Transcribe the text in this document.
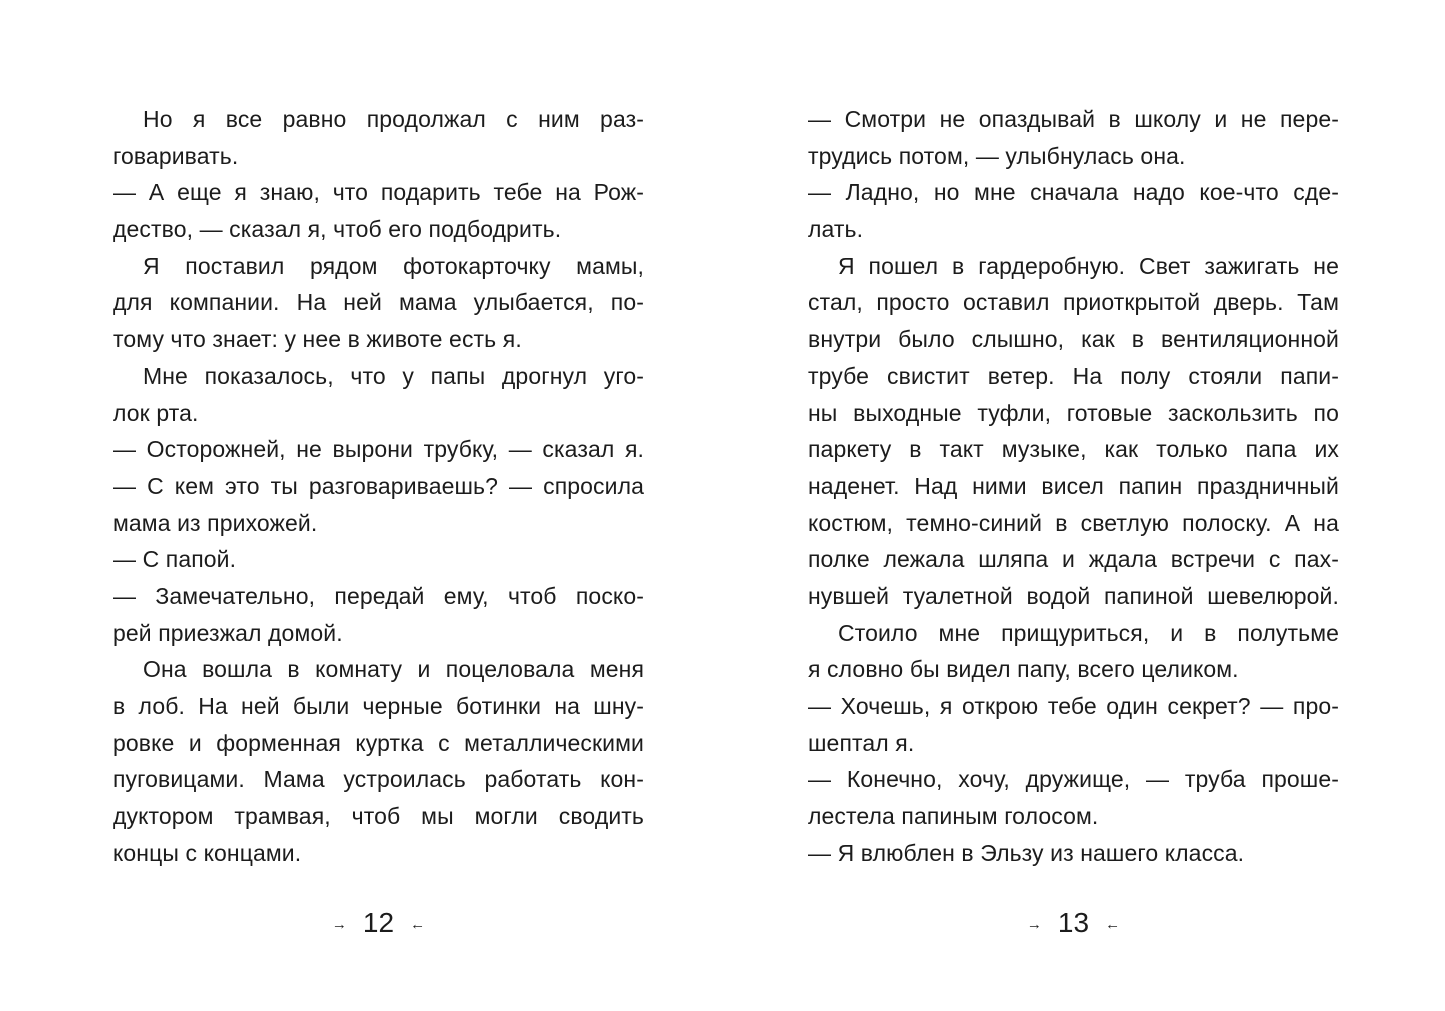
Но я все равно продолжал с ним раз-
говаривать.
— А еще я знаю, что подарить тебе на Рож-
дество, — сказал я, чтоб его подбодрить.
Я поставил рядом фотокарточку мамы,
для компании. На ней мама улыбается, по-
тому что знает: у нее в животе есть я.
Мне показалось, что у папы дрогнул уго-
лок рта.
— Осторожней, не вырони трубку, — сказал я.
— С кем это ты разговариваешь? — спросила
мама из прихожей.
— С папой.
— Замечательно, передай ему, чтоб поско-
рей приезжал домой.
Она вошла в комнату и поцеловала меня
в лоб. На ней были черные ботинки на шну-
ровке и форменная куртка с металлическими
пуговицами. Мама устроилась работать кон-
дуктором трамвая, чтоб мы могли сводить
концы с концами.
→ 12 ←
— Смотри не опаздывай в школу и не пере-
трудись потом, — улыбнулась она.
— Ладно, но мне сначала надо кое-что сде-
лать.
Я пошел в гардеробную. Свет зажигать не
стал, просто оставил приоткрытой дверь. Там
внутри было слышно, как в вентиляционной
трубе свистит ветер. На полу стояли папи-
ны выходные туфли, готовые заскользить по
паркету в такт музыке, как только папа их
наденет. Над ними висел папин праздничный
костюм, темно-синий в светлую полоску. А на
полке лежала шляпа и ждала встречи с пах-
нувшей туалетной водой папиной шевелюрой.
Стоило мне прищуриться, и в полутьме
я словно бы видел папу, всего целиком.
— Хочешь, я открою тебе один секрет? — про-
шептал я.
— Конечно, хочу, дружище, — труба проше-
лестела папиным голосом.
— Я влюблен в Эльзу из нашего класса.
→ 13 ←
